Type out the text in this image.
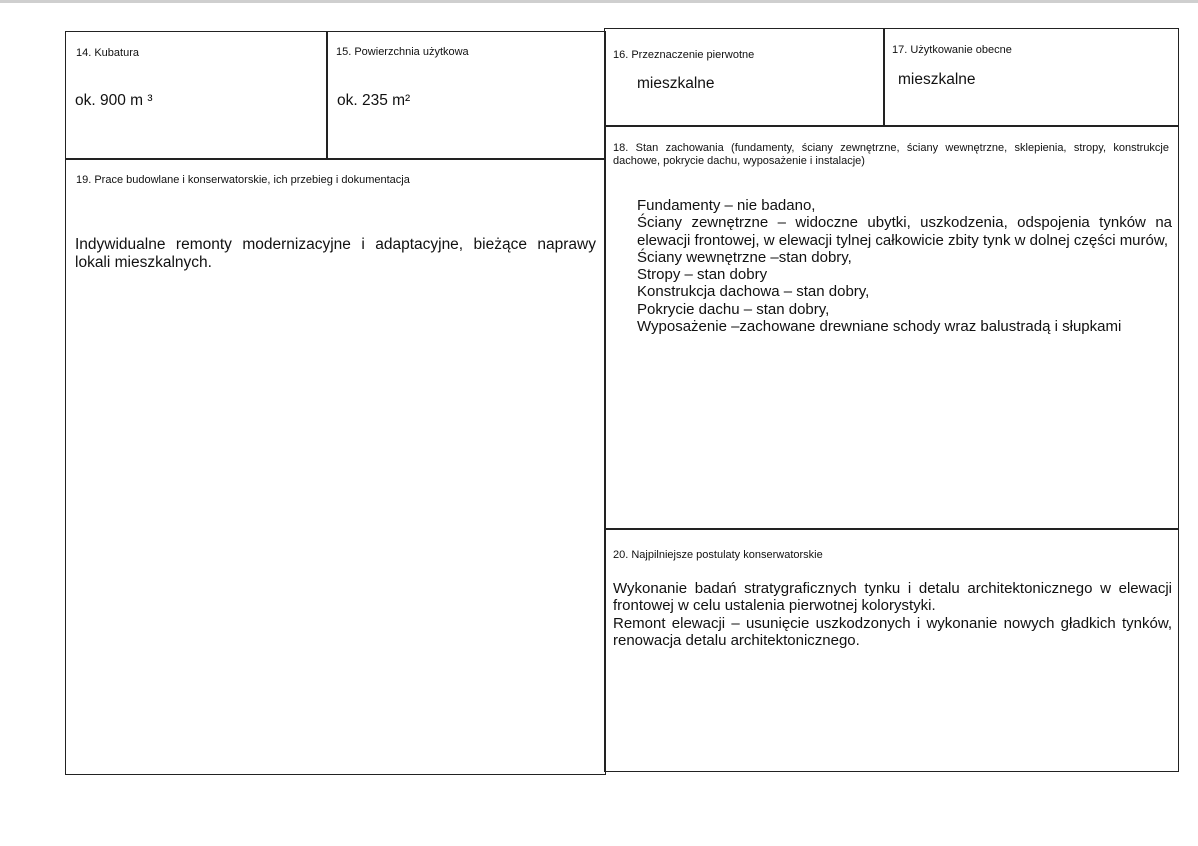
14. Kubatura
ok. 900 m ³
15. Powierzchnia użytkowa
ok. 235 m²
16. Przeznaczenie pierwotne
mieszkalne
17. Użytkowanie obecne
mieszkalne
18. Stan zachowania (fundamenty, ściany zewnętrzne, ściany wewnętrzne, sklepienia, stropy, konstrukcje dachowe, pokrycie dachu, wyposażenie i instalacje)
Fundamenty – nie badano,
Ściany zewnętrzne – widoczne ubytki, uszkodzenia, odspojenia tynków na elewacji frontowej, w elewacji tylnej całkowicie zbity tynk w dolnej części murów,
Ściany wewnętrzne –stan dobry,
Stropy – stan dobry
Konstrukcja dachowa – stan dobry,
Pokrycie dachu – stan dobry,
Wyposażenie –zachowane drewniane schody wraz balustradą i słupkami
19. Prace budowlane i konserwatorskie, ich przebieg i dokumentacja
Indywidualne remonty modernizacyjne i adaptacyjne, bieżące naprawy lokali mieszkalnych.
20. Najpilniejsze postulaty konserwatorskie
Wykonanie badań stratygraficznych tynku i detalu architektonicznego w elewacji frontowej w celu ustalenia pierwotnej kolorystyki.
Remont elewacji – usunięcie uszkodzonych i wykonanie nowych gładkich tynków, renowacja detalu architektonicznego.
